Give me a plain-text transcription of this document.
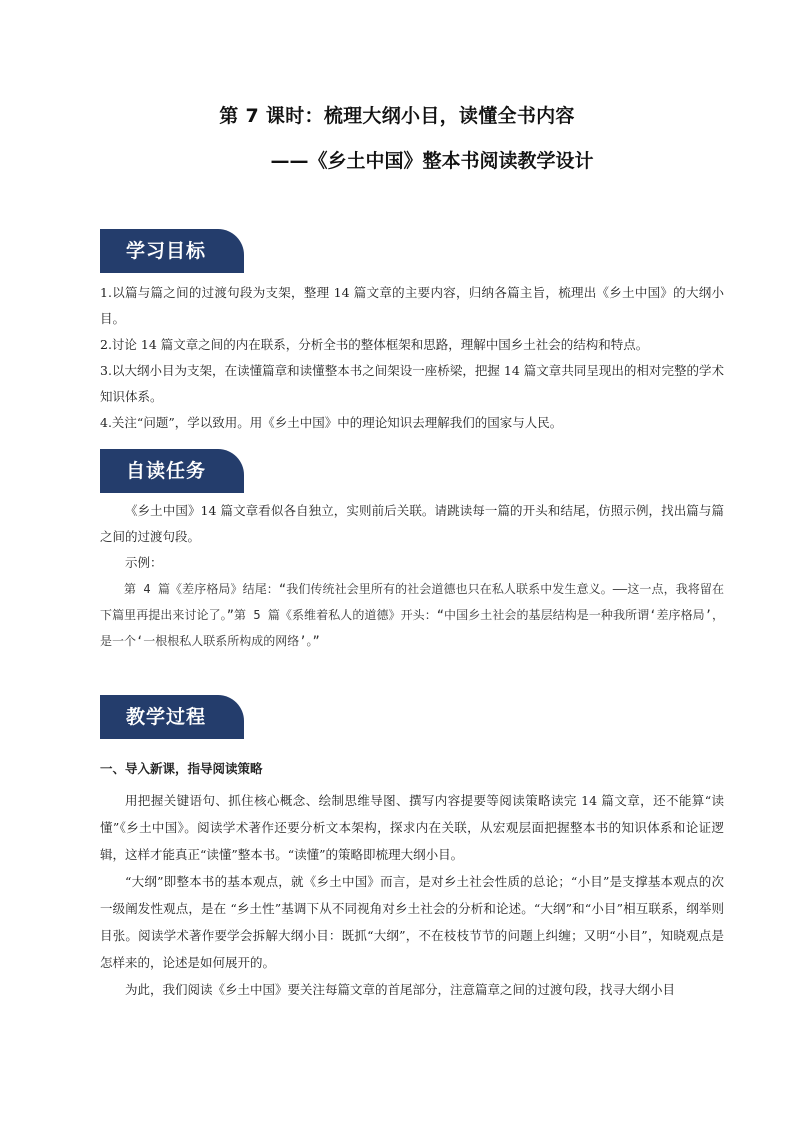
第 7 课时：梳理大纲小目，读懂全书内容
——《乡土中国》整本书阅读教学设计
学习目标

1.以篇与篇之间的过渡句段为支架，整理 14 篇文章的主要内容，归纳各篇主旨，梳理出《乡土中国》的大纲小目。

2.讨论 14 篇文章之间的内在联系，分析全书的整体框架和思路，理解中国乡土社会的结构和特点。

3.以大纲小目为支架，在读懂篇章和读懂整本书之间架设一座桥梁，把握 14 篇文章共同呈现出的相对完整的学术知识体系。

4.关注“问题”，学以致用。用《乡土中国》中的理论知识去理解我们的国家与人民。

自读任务

《乡土中国》14 篇文章看似各自独立，实则前后关联。请跳读每一篇的开头和结尾，仿照示例，找出篇与篇之间的过渡句段。

示例：

第 4 篇《差序格局》结尾：“我们传统社会里所有的社会道德也只在私人联系中发生意义。——这一点，我将留在下篇里再提出来讨论了。”第 5 篇《系维着私人的道德》开头：“中国乡土社会的基层结构是一种我所谓‘差序格局’，是一个‘一根根私人联系所构成的网络’。”

教学过程
一、导入新课，指导阅读策略

用把握关键语句、抓住核心概念、绘制思维导图、撰写内容提要等阅读策略读完 14 篇文章，还不能算“读懂”《乡土中国》。阅读学术著作还要分析文本架构，探求内在关联，从宏观层面把握整本书的知识体系和论证逻辑，这样才能真正“读懂”整本书。“读懂”的策略即梳理大纲小目。

“大纲”即整本书的基本观点，就《乡土中国》而言，是对乡土社会性质的总论；“小目”是支撑基本观点的次一级阐发性观点，是在 “乡土性”基调下从不同视角对乡土社会的分析和论述。“大纲”和“小目”相互联系，纲举则目张。阅读学术著作要学会拆解大纲小目：既抓“大纲”，不在枝枝节节的问题上纠缠；又明“小目”，知晓观点是怎样来的，论述是如何展开的。

为此，我们阅读《乡土中国》要关注每篇文章的首尾部分，注意篇章之间的过渡句段，找寻大纲小目
